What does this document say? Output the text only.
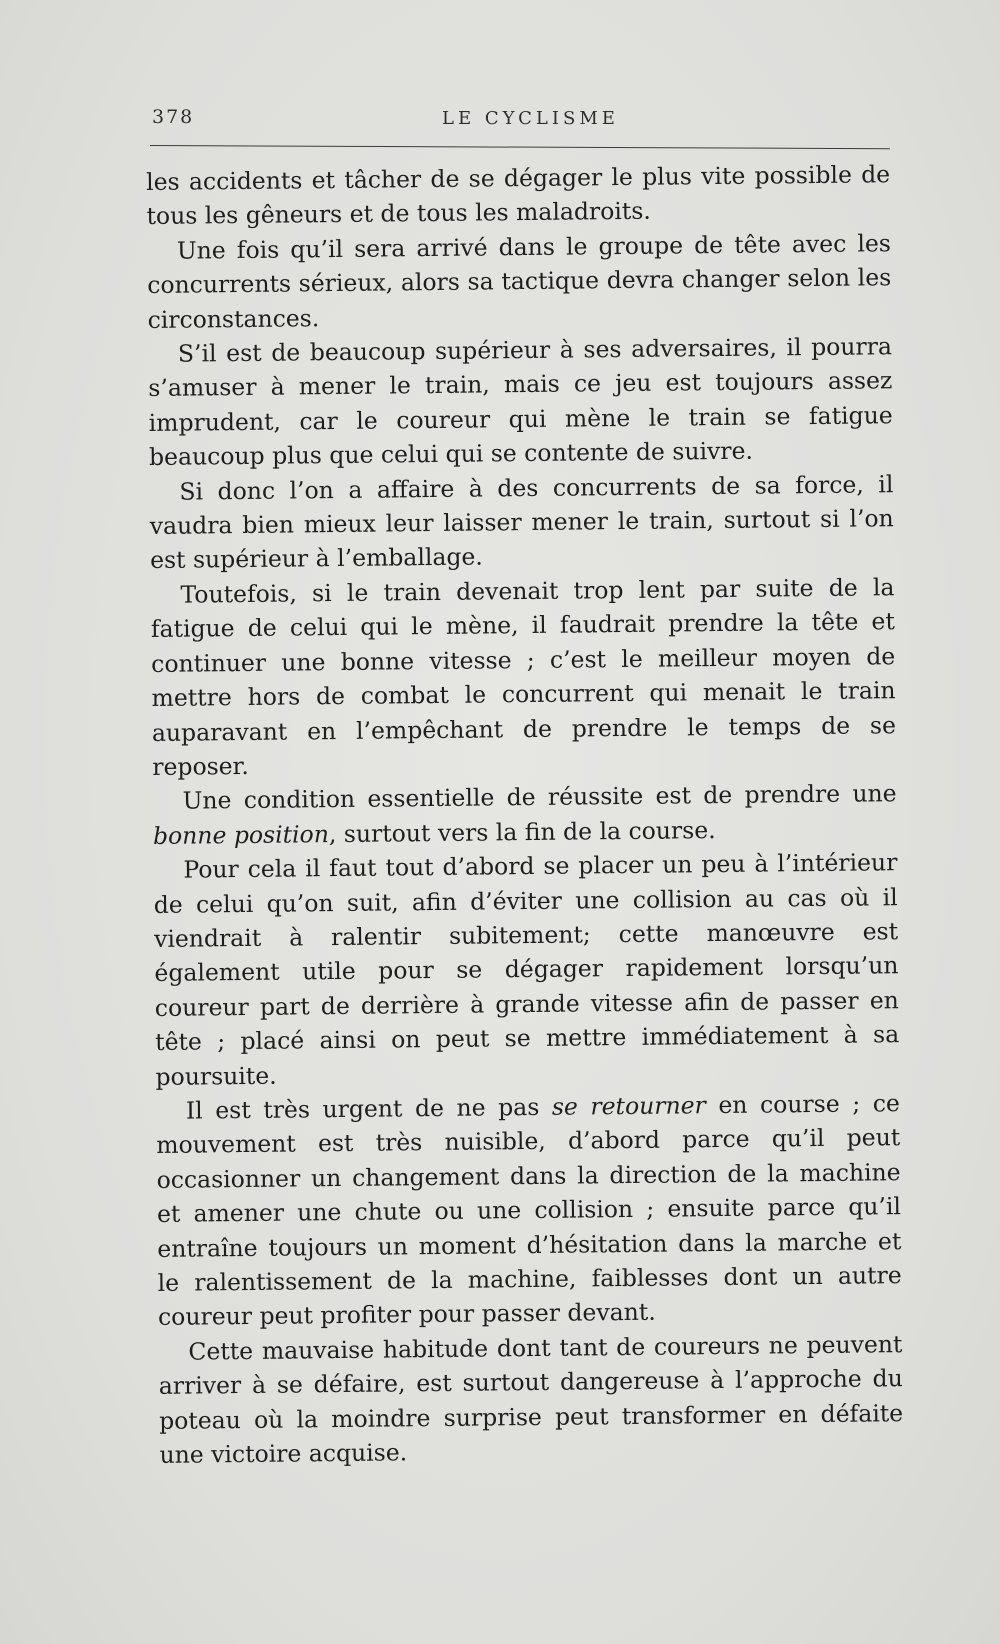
378	LE CYCLISME

les accidents et tâcher de se dégager le plus vite possible de tous les gêneurs et de tous les maladroits.

Une fois qu’il sera arrivé dans le groupe de tête avec les concurrents sérieux, alors sa tactique devra changer selon les circonstances.

S’il est de beaucoup supérieur à ses adversaires, il pourra s’amuser à mener le train, mais ce jeu est toujours assez imprudent, car le coureur qui mène le train se fatigue beaucoup plus que celui qui se contente de suivre.

Si donc l’on a affaire à des concurrents de sa force, il vaudra bien mieux leur laisser mener le train, surtout si l’on est supérieur à l’emballage.

Toutefois, si le train devenait trop lent par suite de la fatigue de celui qui le mène, il faudrait prendre la tête et continuer une bonne vitesse ; c’est le meilleur moyen de mettre hors de combat le concurrent qui menait le train auparavant en l’empêchant de prendre le temps de se reposer.

Une condition essentielle de réussite est de prendre une bonne position, surtout vers la fin de la course.

Pour cela il faut tout d’abord se placer un peu à l’intérieur de celui qu’on suit, afin d’éviter une collision au cas où il viendrait à ralentir subitement; cette manœuvre est également utile pour se dégager rapidement lorsqu’un coureur part de derrière à grande vitesse afin de passer en tête ; placé ainsi on peut se mettre immédiatement à sa poursuite.

Il est très urgent de ne pas se retourner en course ; ce mouvement est très nuisible, d’abord parce qu’il peut occasionner un changement dans la direction de la machine et amener une chute ou une collision ; ensuite parce qu’il entraîne toujours un moment d’hésitation dans la marche et le ralentissement de la machine, faiblesses dont un autre coureur peut profiter pour passer devant.

Cette mauvaise habitude dont tant de coureurs ne peuvent arriver à se défaire, est surtout dangereuse à l’approche du poteau où la moindre surprise peut transformer en défaite une victoire acquise.
